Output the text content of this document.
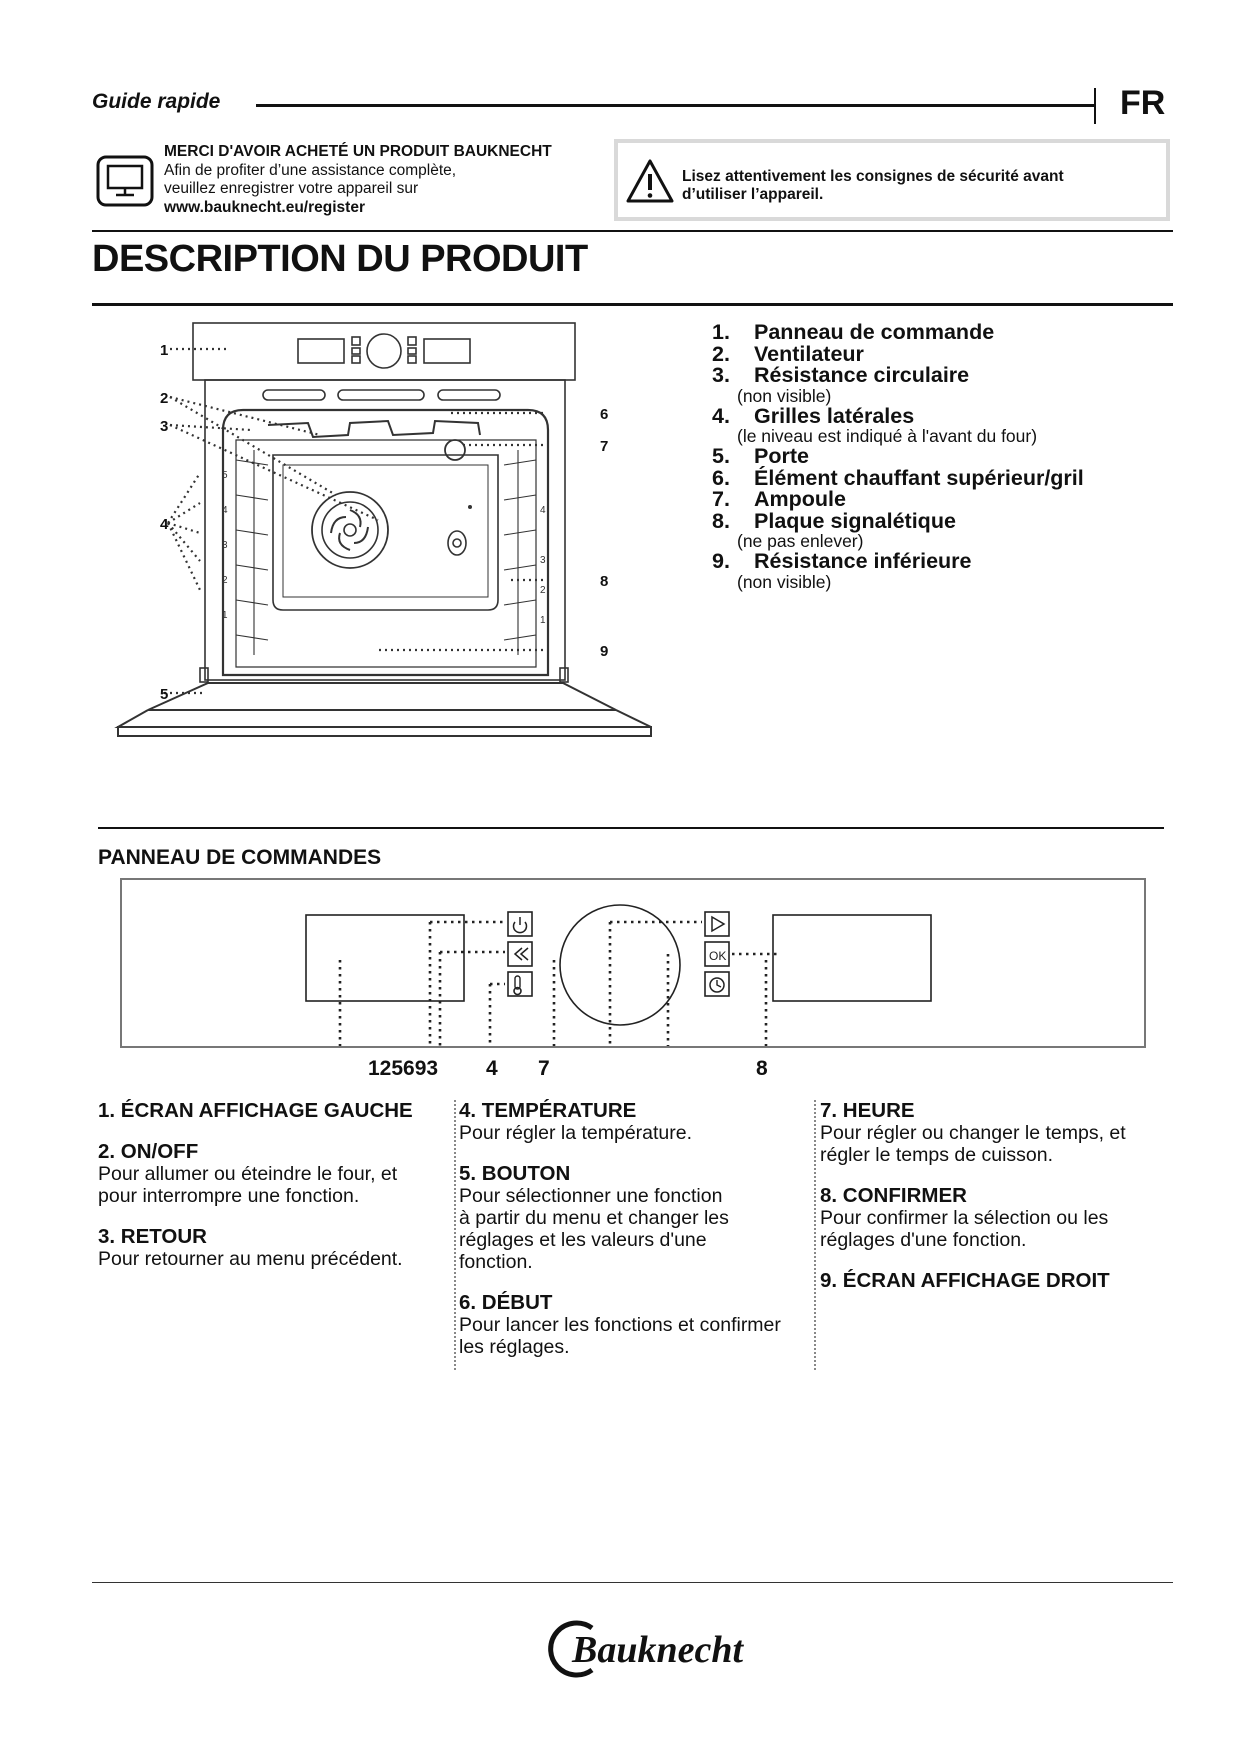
Guide rapide	FR
MERCI D'AVOIR ACHETÉ UN PRODUIT BAUKNECHT
Afin de profiter d’une assistance complète,
veuillez enregistrer votre appareil sur
www.bauknecht.eu/register
Lisez attentivement les consignes de sécurité avant
d’utiliser l’appareil.
DESCRIPTION DU PRODUIT
1
2
3
4
5
6
7
8
9
5
4
3
2
1
4
3
2
1
1. Panneau de commande
2. Ventilateur
3. Résistance circulaire
(non visible)
4. Grilles latérales
(le niveau est indiqué à l'avant du four)
5. Porte
6. Élément chauffant supérieur/gril
7. Ampoule
8. Plaque signalétique
(ne pas enlever)
9. Résistance inférieure
(non visible)
PANNEAU DE COMMANDES
OK
125693 4 7	8
1. ÉCRAN AFFICHAGE GAUCHE
2. ON/OFF
Pour allumer ou éteindre le four, et
pour interrompre une fonction.
3. RETOUR
Pour retourner au menu précédent.
4. TEMPÉRATURE
Pour régler la température.
5. BOUTON
Pour sélectionner une fonction
à partir du menu et changer les
réglages et les valeurs d'une
fonction.
6. DÉBUT
Pour lancer les fonctions et confirmer
les réglages.
7. HEURE
Pour régler ou changer le temps, et
régler le temps de cuisson.
8. CONFIRMER
Pour confirmer la sélection ou les
réglages d'une fonction.
9. ÉCRAN AFFICHAGE DROIT
Bauknecht
